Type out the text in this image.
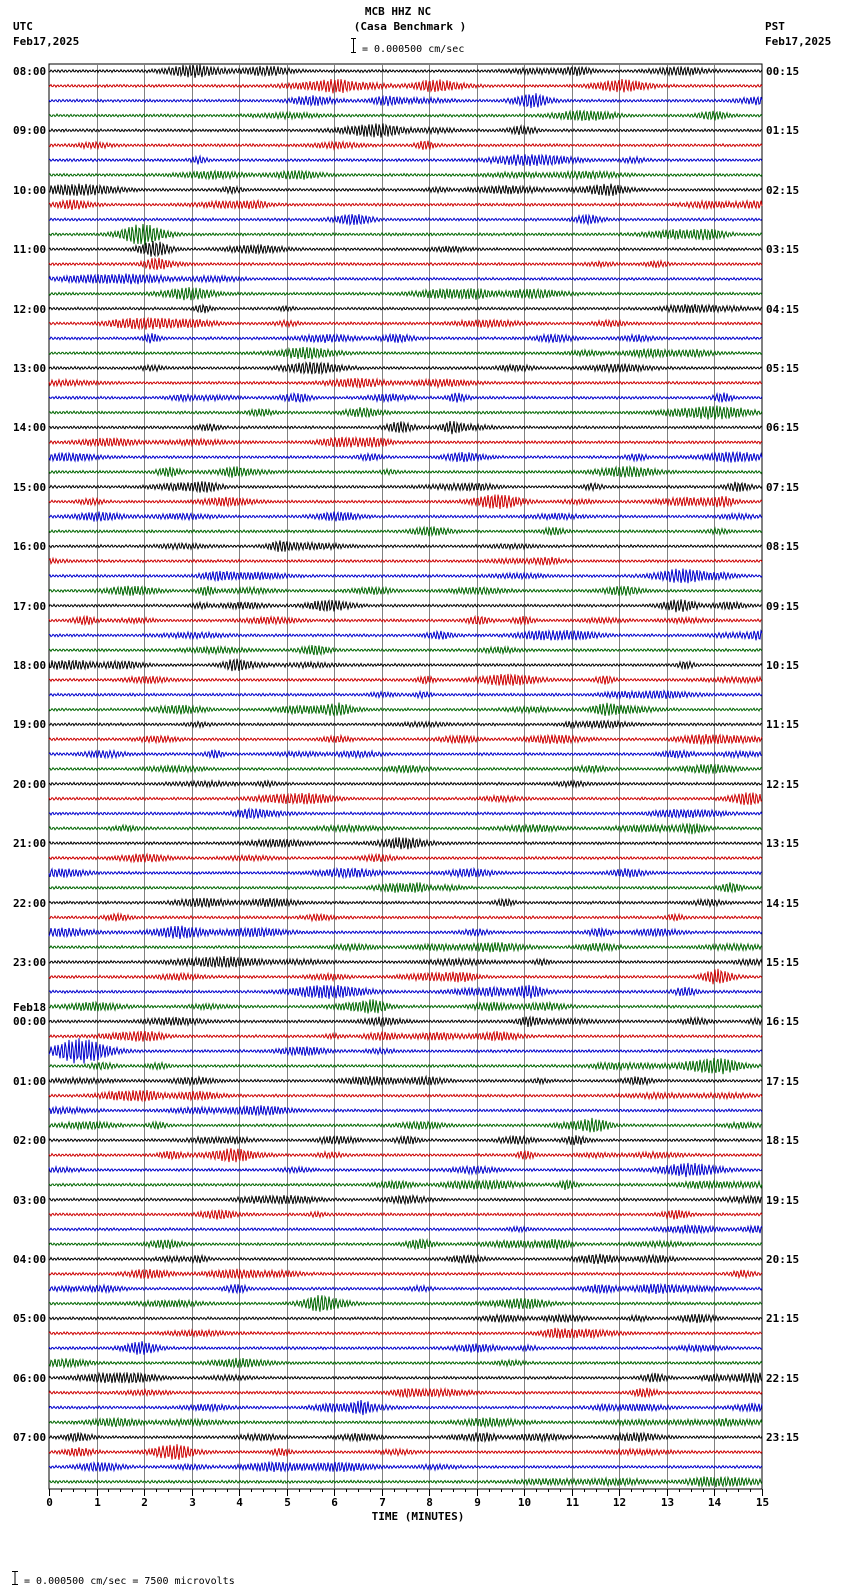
UTC
Feb17,2025
MCB HHZ NC
(Casa Benchmark )
= 0.000500 cm/sec
PST
Feb17,2025
0	1	2	3	4	5	6	7	8	9	10	11	12	13	14	15
TIME (MINUTES)
= 0.000500 cm/sec = 7500 microvolts
08:00
09:00
10:00
11:00
12:00
13:00
14:00
15:00
16:00
17:00
18:00
19:00
20:00
21:00
22:00
23:00
00:00
01:00
02:00
03:00
04:00
05:00
06:00
07:00
00:15
01:15
02:15
03:15
04:15
05:15
06:15
07:15
08:15
09:15
10:15
11:15
12:15
13:15
14:15
15:15
16:15
17:15
18:15
19:15
20:15
21:15
22:15
23:15
Feb18
